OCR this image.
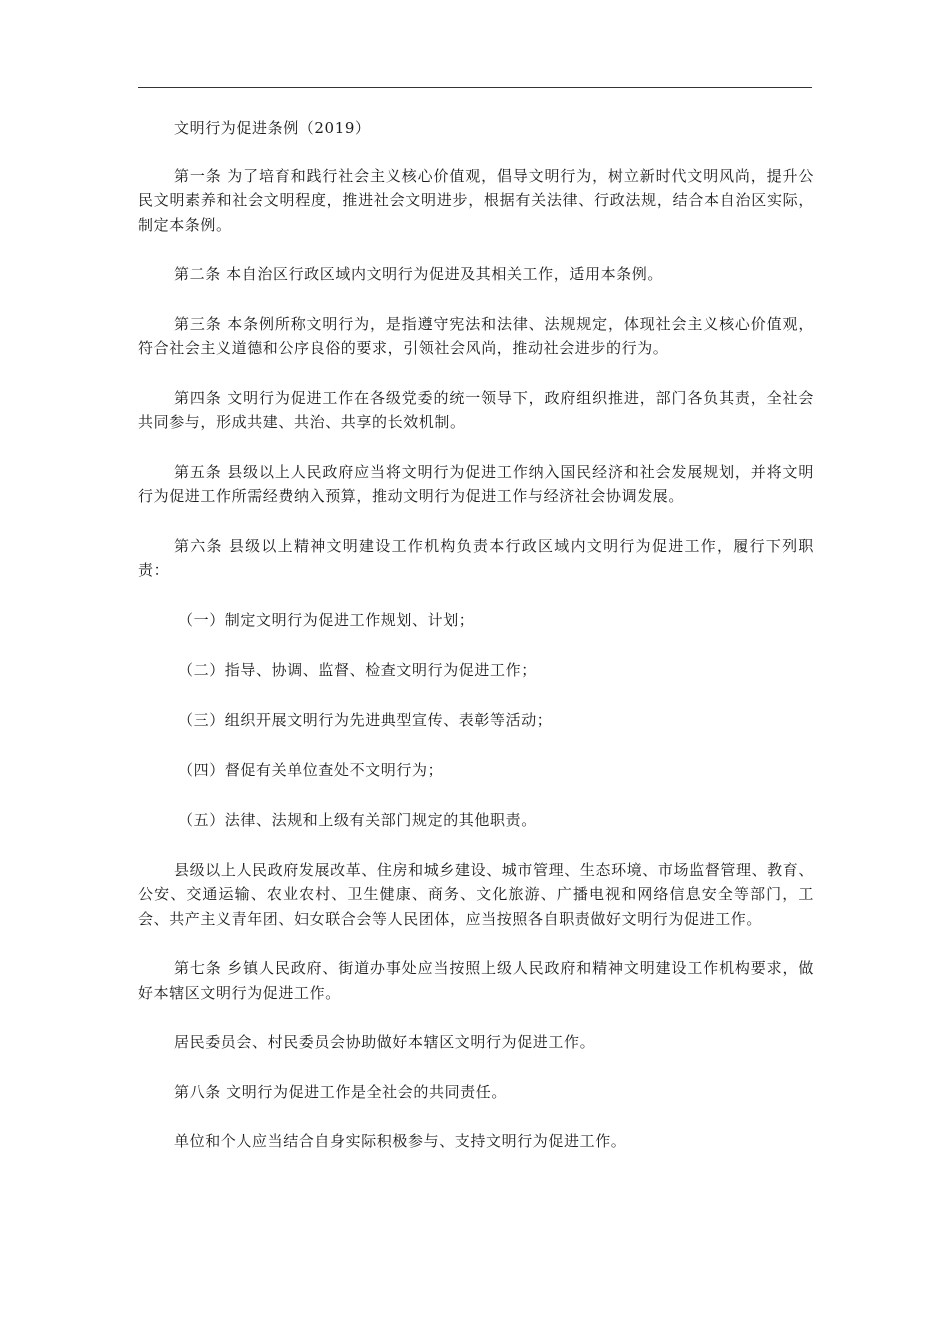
文明行为促进条例（2019）

第一条 为了培育和践行社会主义核心价值观，倡导文明行为，树立新时代文明风尚，提升公民文明素养和社会文明程度，推进社会文明进步，根据有关法律、行政法规，结合本自治区实际，制定本条例。

第二条 本自治区行政区域内文明行为促进及其相关工作，适用本条例。

第三条 本条例所称文明行为，是指遵守宪法和法律、法规规定，体现社会主义核心价值观，符合社会主义道德和公序良俗的要求，引领社会风尚，推动社会进步的行为。

第四条 文明行为促进工作在各级党委的统一领导下，政府组织推进，部门各负其责，全社会共同参与，形成共建、共治、共享的长效机制。

第五条 县级以上人民政府应当将文明行为促进工作纳入国民经济和社会发展规划，并将文明行为促进工作所需经费纳入预算，推动文明行为促进工作与经济社会协调发展。

第六条 县级以上精神文明建设工作机构负责本行政区域内文明行为促进工作，履行下列职责：

（一）制定文明行为促进工作规划、计划；

（二）指导、协调、监督、检查文明行为促进工作；

（三）组织开展文明行为先进典型宣传、表彰等活动；

（四）督促有关单位查处不文明行为；

（五）法律、法规和上级有关部门规定的其他职责。

县级以上人民政府发展改革、住房和城乡建设、城市管理、生态环境、市场监督管理、教育、公安、交通运输、农业农村、卫生健康、商务、文化旅游、广播电视和网络信息安全等部门，工会、共产主义青年团、妇女联合会等人民团体，应当按照各自职责做好文明行为促进工作。

第七条 乡镇人民政府、街道办事处应当按照上级人民政府和精神文明建设工作机构要求，做好本辖区文明行为促进工作。

居民委员会、村民委员会协助做好本辖区文明行为促进工作。

第八条 文明行为促进工作是全社会的共同责任。

单位和个人应当结合自身实际积极参与、支持文明行为促进工作。
